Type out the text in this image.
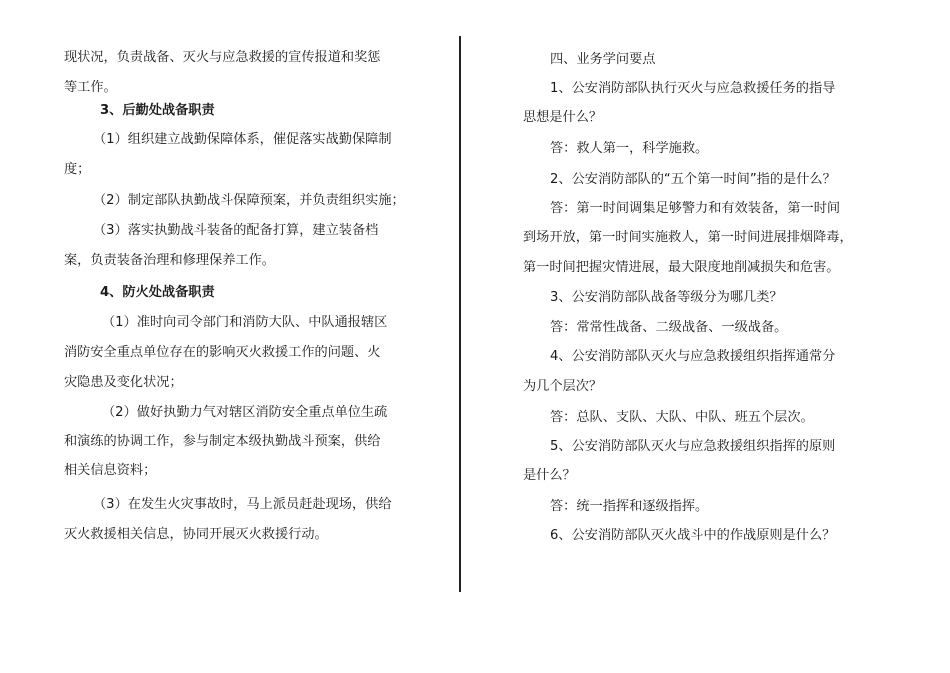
现状况，负责战备、灭火与应急救援的宣传报道和奖惩
等工作。
3、后勤处战备职责
（1）组织建立战勤保障体系，催促落实战勤保障制
度；
（2）制定部队执勤战斗保障预案，并负责组织实施；
（3）落实执勤战斗装备的配备打算，建立装备档
案，负责装备治理和修理保养工作。
4、防火处战备职责
（1）准时向司令部门和消防大队、中队通报辖区
消防安全重点单位存在的影响灭火救援工作的问题、火
灾隐患及变化状况；
（2）做好执勤力气对辖区消防安全重点单位生疏
和演练的协调工作，参与制定本级执勤战斗预案，供给
相关信息资料；
（3）在发生火灾事故时，马上派员赶赴现场，供给
灭火救援相关信息，协同开展灭火救援行动。
四、业务学问要点
1、公安消防部队执行灭火与应急救援任务的指导
思想是什么？
答：救人第一，科学施救。
2、公安消防部队的“五个第一时间”指的是什么？
答：第一时间调集足够警力和有效装备，第一时间
到场开放，第一时间实施救人，第一时间进展排烟降毒，
第一时间把握灾情进展，最大限度地削减损失和危害。
3、公安消防部队战备等级分为哪几类？
答：常常性战备、二级战备、一级战备。
4、公安消防部队灭火与应急救援组织指挥通常分
为几个层次？
答：总队、支队、大队、中队、班五个层次。
5、公安消防部队灭火与应急救援组织指挥的原则
是什么？
答：统一指挥和逐级指挥。
6、公安消防部队灭火战斗中的作战原则是什么？
